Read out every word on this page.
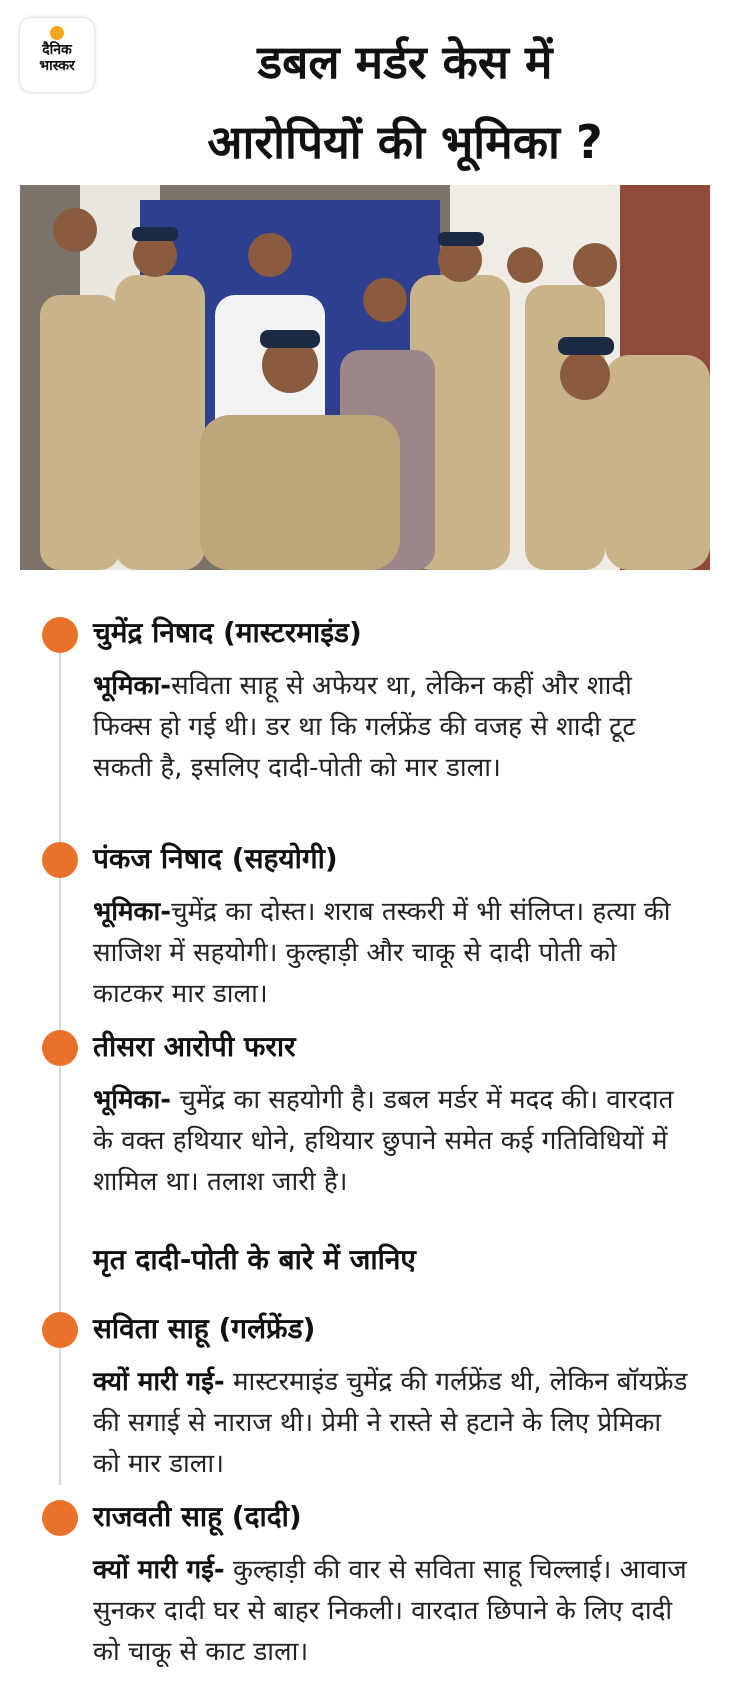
दैनिक
भास्कर	डबल मर्डर केस में
आरोपियों की भूमिका ?
चुमेंद्र निषाद (मास्टरमाइंड)
भूमिका-सविता साहू से अफेयर था, लेकिन कहीं और शादी फिक्स हो गई थी। डर था कि गर्लफ्रेंड की वजह से शादी टूट सकती है, इसलिए दादी-पोती को मार डाला।
पंकज निषाद (सहयोगी)
भूमिका-चुमेंद्र का दोस्त। शराब तस्करी में भी संलिप्त। हत्या की साजिश में सहयोगी। कुल्हाड़ी और चाकू से दादी पोती को काटकर मार डाला।
तीसरा आरोपी फरार
भूमिका- चुमेंद्र का सहयोगी है। डबल मर्डर में मदद की। वारदात के वक्त हथियार धोने, हथियार छुपाने समेत कई गतिविधियों में शामिल था। तलाश जारी है।
मृत दादी-पोती के बारे में जानिए
सविता साहू (गर्लफ्रेंड)
क्यों मारी गई- मास्टरमाइंड चुमेंद्र की गर्लफ्रेंड थी, लेकिन बॉयफ्रेंड की सगाई से नाराज थी। प्रेमी ने रास्ते से हटाने के लिए प्रेमिका को मार डाला।
राजवती साहू (दादी)
क्यों मारी गई- कुल्हाड़ी की वार से सविता साहू चिल्लाई। आवाज सुनकर दादी घर से बाहर निकली। वारदात छिपाने के लिए दादी को चाकू से काट डाला।
